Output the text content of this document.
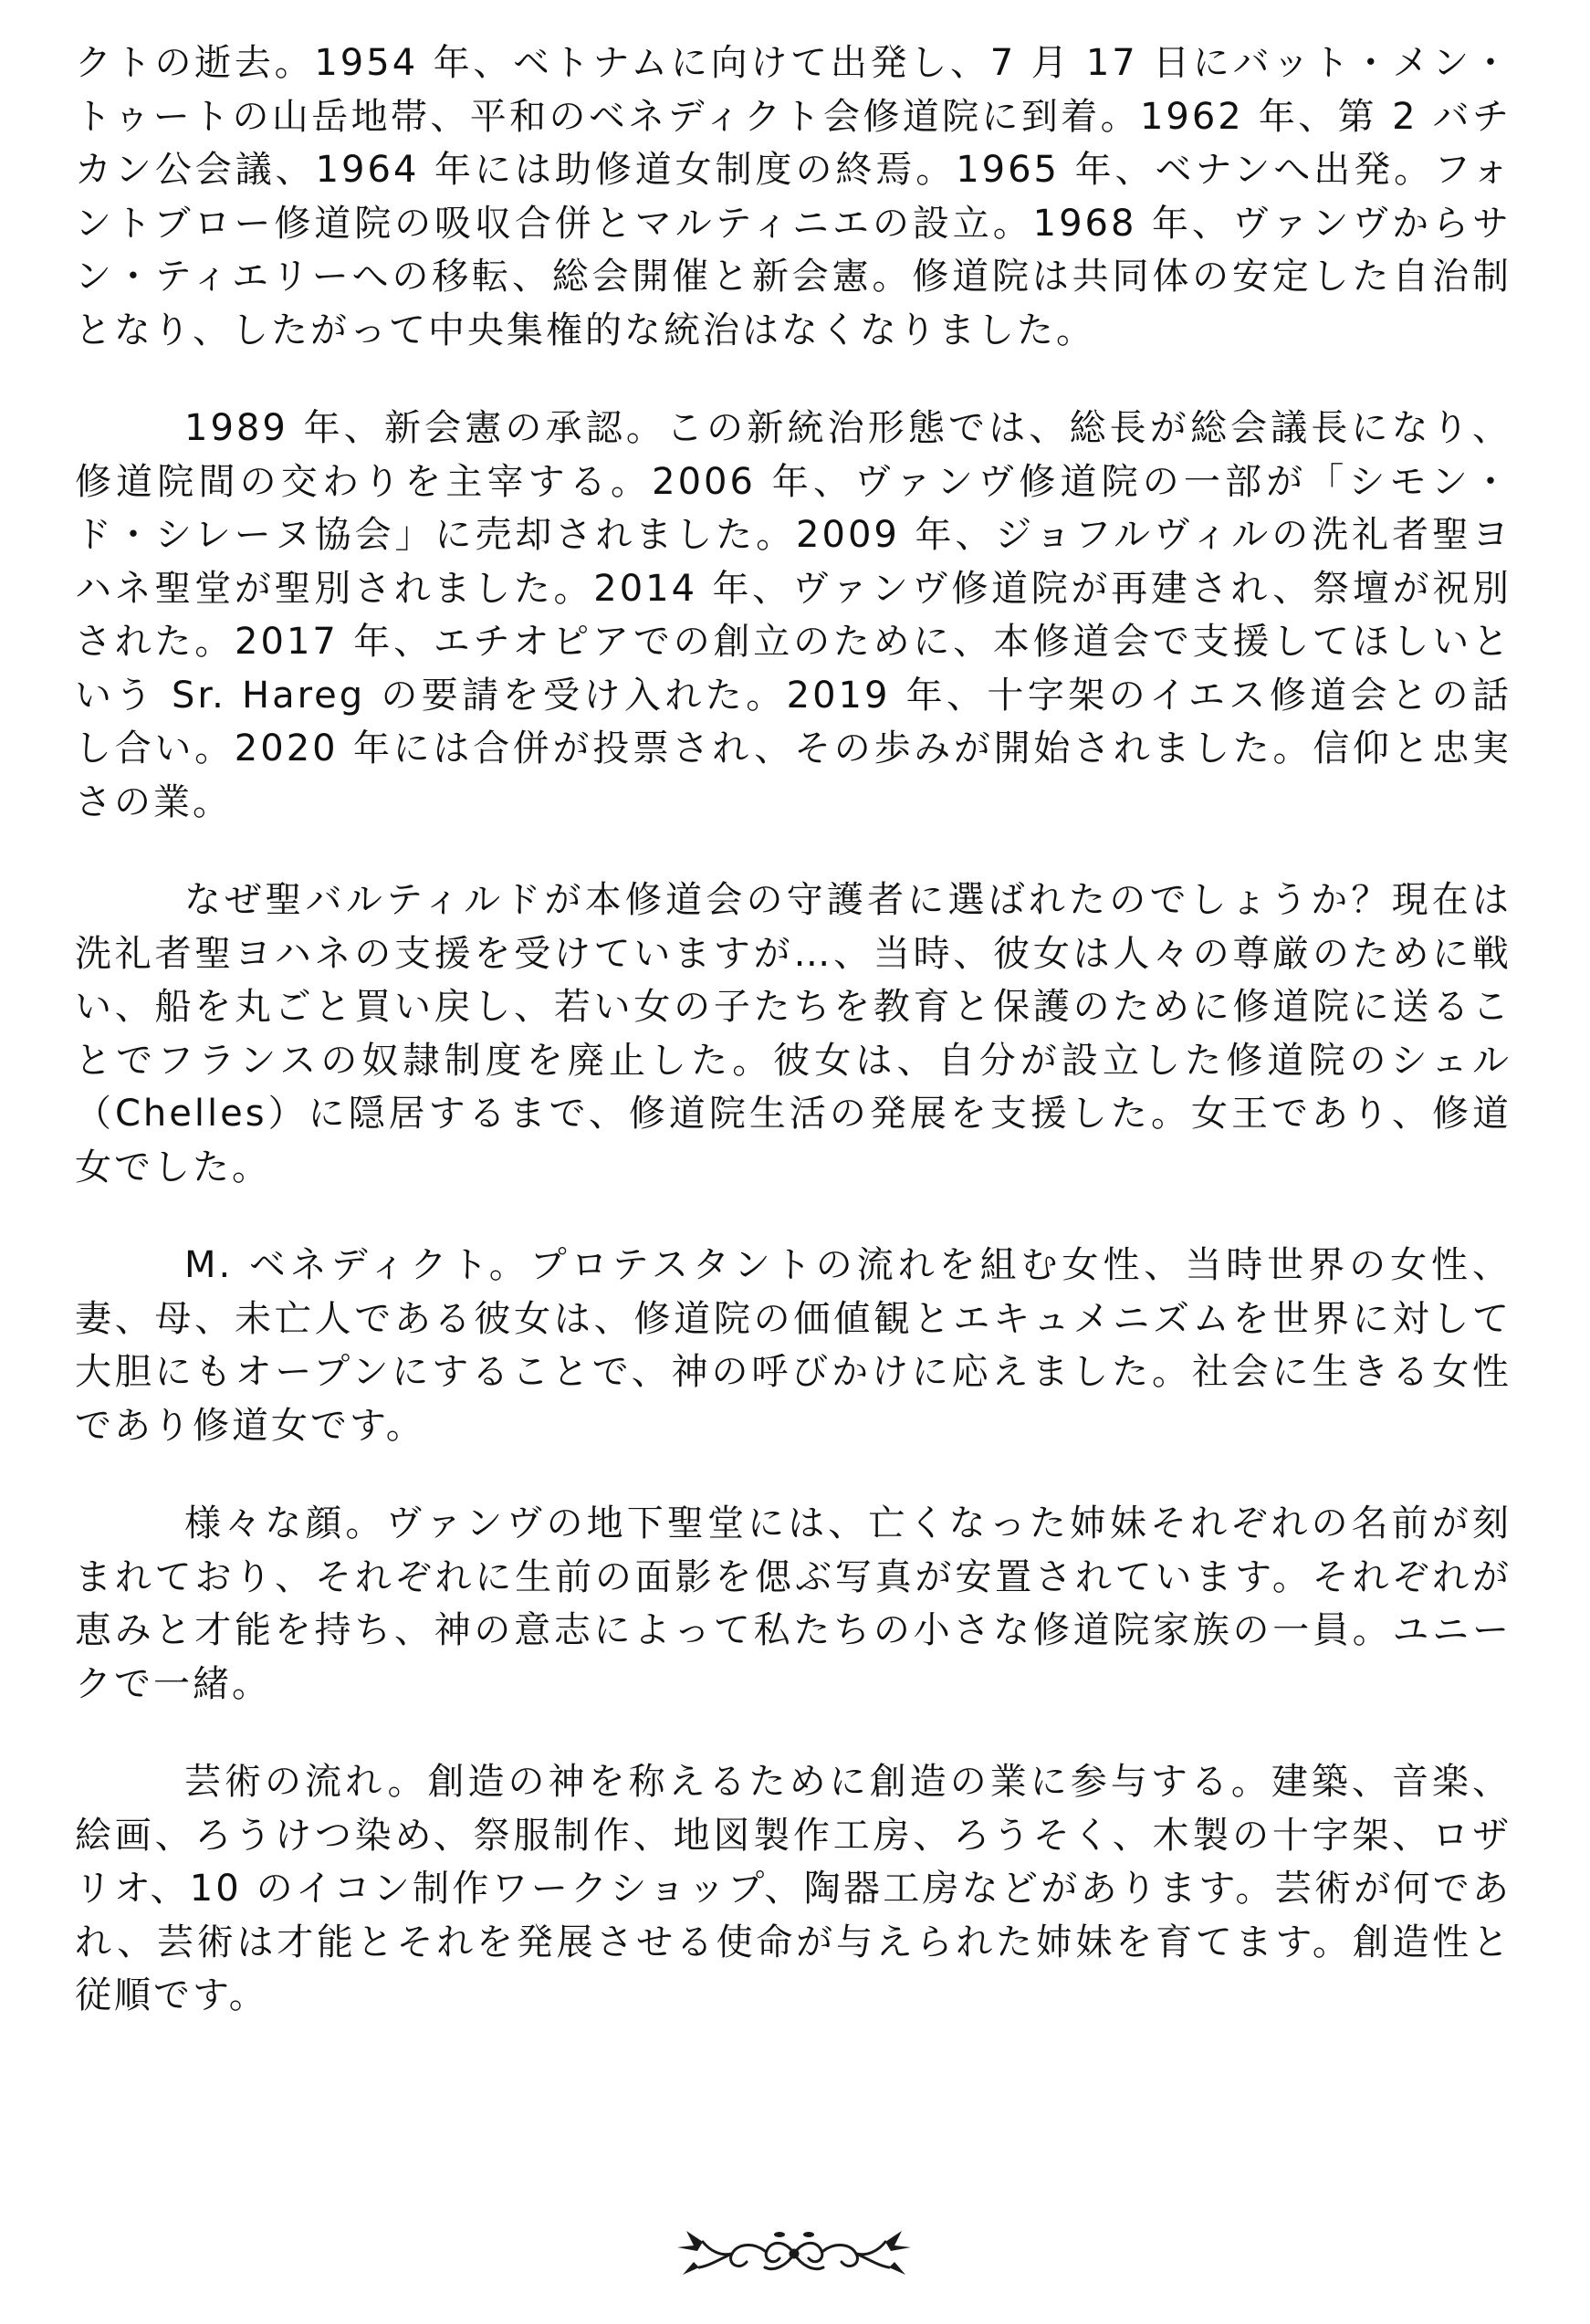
クトの逝去。1954 年、ベトナムに向けて出発し、7 月 17 日にバット・メン・トゥートの山岳地帯、平和のベネディクト会修道院に到着。1962 年、第 2 バチカン公会議、1964 年には助修道女制度の終焉。1965 年、ベナンへ出発。フォントブロー修道院の吸収合併とマルティニエの設立。1968 年、ヴァンヴからサン・ティエリーへの移転、総会開催と新会憲。修道院は共同体の安定した自治制となり、したがって中央集権的な統治はなくなりました。

1989 年、新会憲の承認。この新統治形態では、総長が総会議長になり、修道院間の交わりを主宰する。2006 年、ヴァンヴ修道院の一部が「シモン・ド・シレーヌ協会」に売却されました。2009 年、ジョフルヴィルの洗礼者聖ヨハネ聖堂が聖別されました。2014 年、ヴァンヴ修道院が再建され、祭壇が祝別された。2017 年、エチオピアでの創立のために、本修道会で支援してほしいという Sr. Hareg の要請を受け入れた。2019 年、十字架のイエス修道会との話し合い。2020 年には合併が投票され、その歩みが開始されました。信仰と忠実さの業。

なぜ聖バルティルドが本修道会の守護者に選ばれたのでしょうか？現在は洗礼者聖ヨハネの支援を受けていますが…、当時、彼女は人々の尊厳のために戦い、船を丸ごと買い戻し、若い女の子たちを教育と保護のために修道院に送ることでフランスの奴隷制度を廃止した。彼女は、自分が設立した修道院のシェル（Chelles）に隠居するまで、修道院生活の発展を支援した。女王であり、修道女でした。

M. ベネディクト。プロテスタントの流れを組む女性、当時世界の女性、妻、母、未亡人である彼女は、修道院の価値観とエキュメニズムを世界に対して大胆にもオープンにすることで、神の呼びかけに応えました。社会に生きる女性であり修道女です。

様々な顔。ヴァンヴの地下聖堂には、亡くなった姉妹それぞれの名前が刻まれており、それぞれに生前の面影を偲ぶ写真が安置されています。それぞれが恵みと才能を持ち、神の意志によって私たちの小さな修道院家族の一員。ユニークで一緒。

芸術の流れ。創造の神を称えるために創造の業に参与する。建築、音楽、絵画、ろうけつ染め、祭服制作、地図製作工房、ろうそく、木製の十字架、ロザリオ、10 のイコン制作ワークショップ、陶器工房などがあります。芸術が何であれ、芸術は才能とそれを発展させる使命が与えられた姉妹を育てます。創造性と従順です。
